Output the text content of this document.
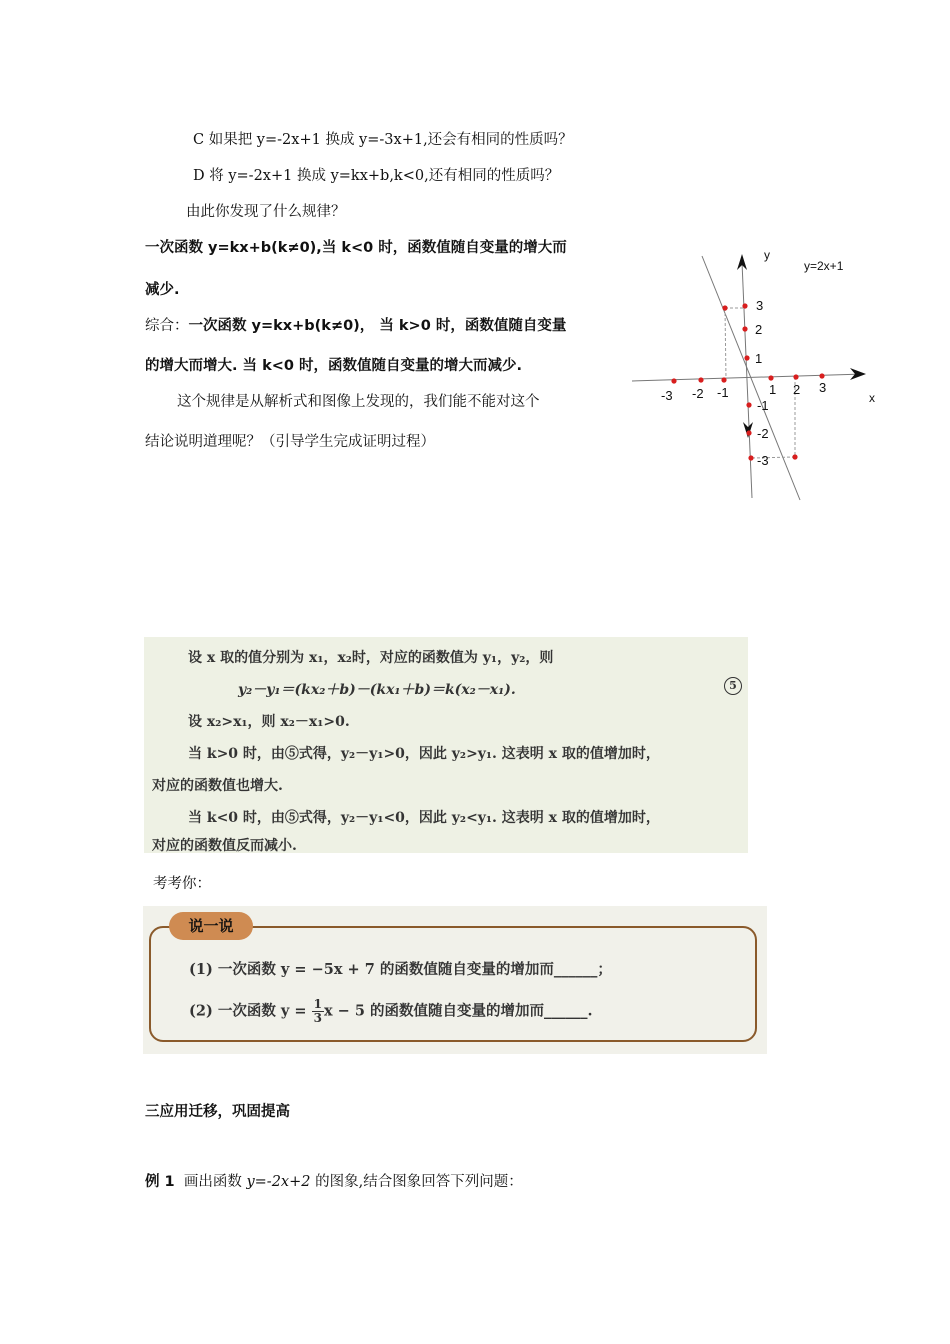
C 如果把 y=-2x+1 换成 y=-3x+1,还会有相同的性质吗？
D 将 y=-2x+1 换成 y=kx+b,k<0,还有相同的性质吗？
由此你发现了什么规律？
一次函数 y=kx+b(k≠0),当 k<0 时，函数值随自变量的增大而
减少.
综合：一次函数 y=kx+b(k≠0)， 当 k>0 时，函数值随自变量
的增大而增大. 当 k<0 时，函数值随自变量的增大而减少.
这个规律是从解析式和图像上发现的，我们能不能对这个
结论说明道理呢？（引导学生完成证明过程）
y
y=2x+1
x
-3 -2 -1	1 2 3
3
2
1
-1
-2
-3
设 x 取的值分别为 x₁，x₂时，对应的函数值为 y₁，y₂，则
y₂－y₁＝(kx₂＋b)－(kx₁＋b)＝k(x₂－x₁).	5
设 x₂>x₁，则 x₂－x₁>0.
当 k>0 时，由⑤式得，y₂－y₁>0，因此 y₂>y₁. 这表明 x 取的值增加时，
对应的函数值也增大.
当 k<0 时，由⑤式得，y₂－y₁<0，因此 y₂<y₁. 这表明 x 取的值增加时，
对应的函数值反而减小.
考考你：
说一说
(1) 一次函数 y = −5x + 7 的函数值随自变量的增加而______；
(2) 一次函数 $y = \frac{1}{3}x - 5$ 的函数值随自变量的增加而______.
三应用迁移，巩固提高
例 1 画出函数 y=-2x+2 的图象,结合图象回答下列问题：
